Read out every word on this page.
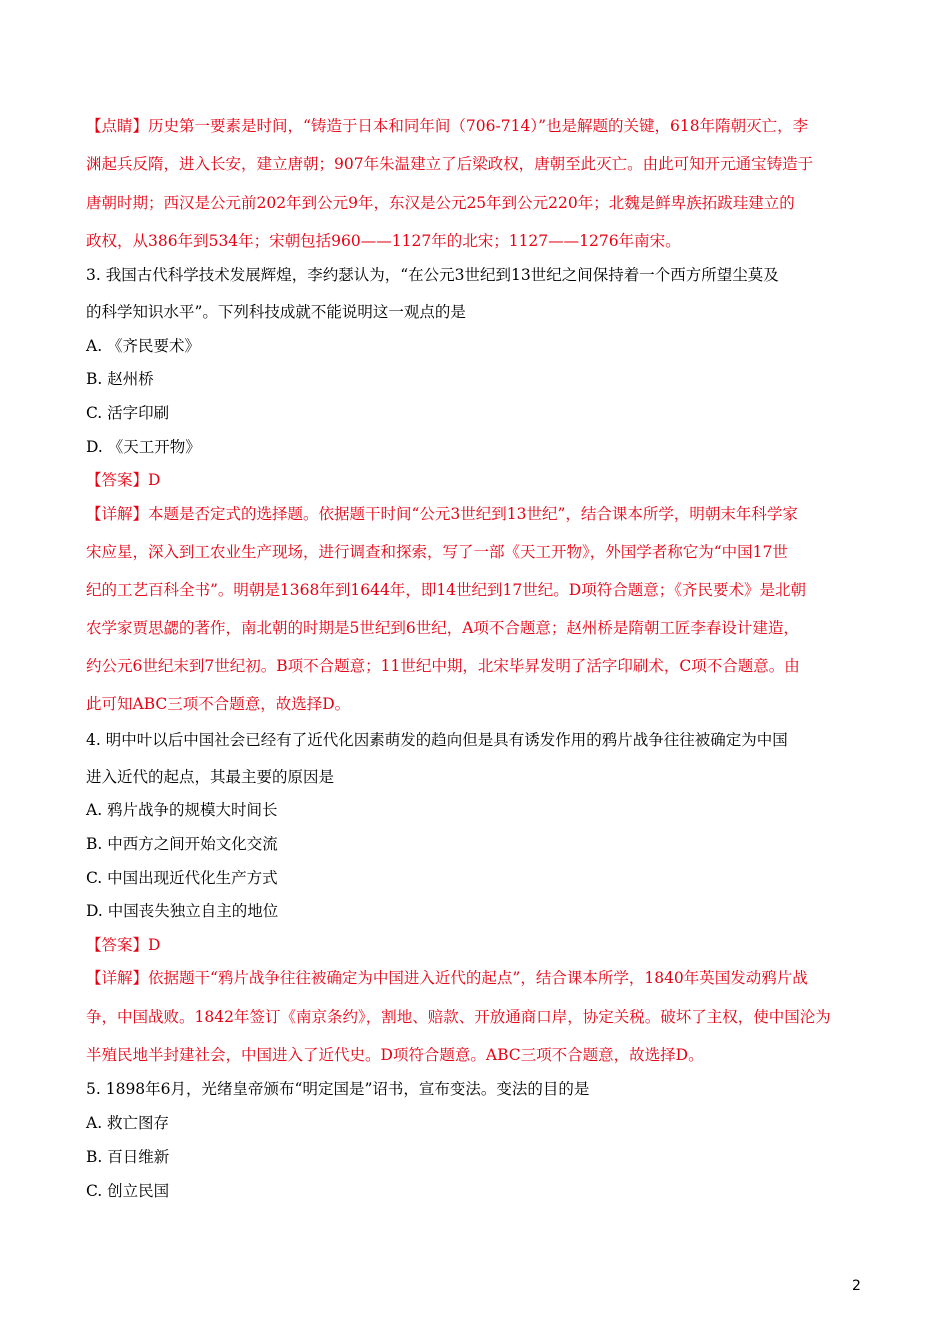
【点睛】历史第一要素是时间，“铸造于日本和同年间（706-714）”也是解题的关键，618年隋朝灭亡，李
渊起兵反隋，进入长安，建立唐朝；907年朱温建立了后梁政权，唐朝至此灭亡。由此可知开元通宝铸造于
唐朝时期；西汉是公元前202年到公元9年，东汉是公元25年到公元220年；北魏是鲜卑族拓跋珪建立的
政权，从386年到534年；宋朝包括960——1127年的北宋；1127——1276年南宋。
3. 我国古代科学技术发展辉煌，李约瑟认为，“在公元3世纪到13世纪之间保持着一个西方所望尘莫及
的科学知识水平”。下列科技成就不能说明这一观点的是
A. 《齐民要术》
B. 赵州桥
C. 活字印刷
D. 《天工开物》
【答案】D
【详解】本题是否定式的选择题。依据题干时间“公元3世纪到13世纪”，结合课本所学，明朝末年科学家
宋应星，深入到工农业生产现场，进行调查和探索，写了一部《天工开物》，外国学者称它为“中国17世
纪的工艺百科全书”。明朝是1368年到1644年，即14世纪到17世纪。D项符合题意；《齐民要术》是北朝
农学家贾思勰的著作，南北朝的时期是5世纪到6世纪，A项不合题意；赵州桥是隋朝工匠李春设计建造，
约公元6世纪末到7世纪初。B项不合题意；11世纪中期，北宋毕昇发明了活字印刷术，C项不合题意。由
此可知ABC三项不合题意，故选择D。
4. 明中叶以后中国社会已经有了近代化因素萌发的趋向但是具有诱发作用的鸦片战争往往被确定为中国
进入近代的起点，其最主要的原因是
A. 鸦片战争的规模大时间长
B. 中西方之间开始文化交流
C. 中国出现近代化生产方式
D. 中国丧失独立自主的地位
【答案】D
【详解】依据题干“鸦片战争往往被确定为中国进入近代的起点”，结合课本所学，1840年英国发动鸦片战
争，中国战败。1842年签订《南京条约》，割地、赔款、开放通商口岸，协定关税。破坏了主权，使中国沦为
半殖民地半封建社会，中国进入了近代史。D项符合题意。ABC三项不合题意，故选择D。
5. 1898年6月，光绪皇帝颁布“明定国是”诏书，宣布变法。变法的目的是
A. 救亡图存
B. 百日维新
C. 创立民国
2
